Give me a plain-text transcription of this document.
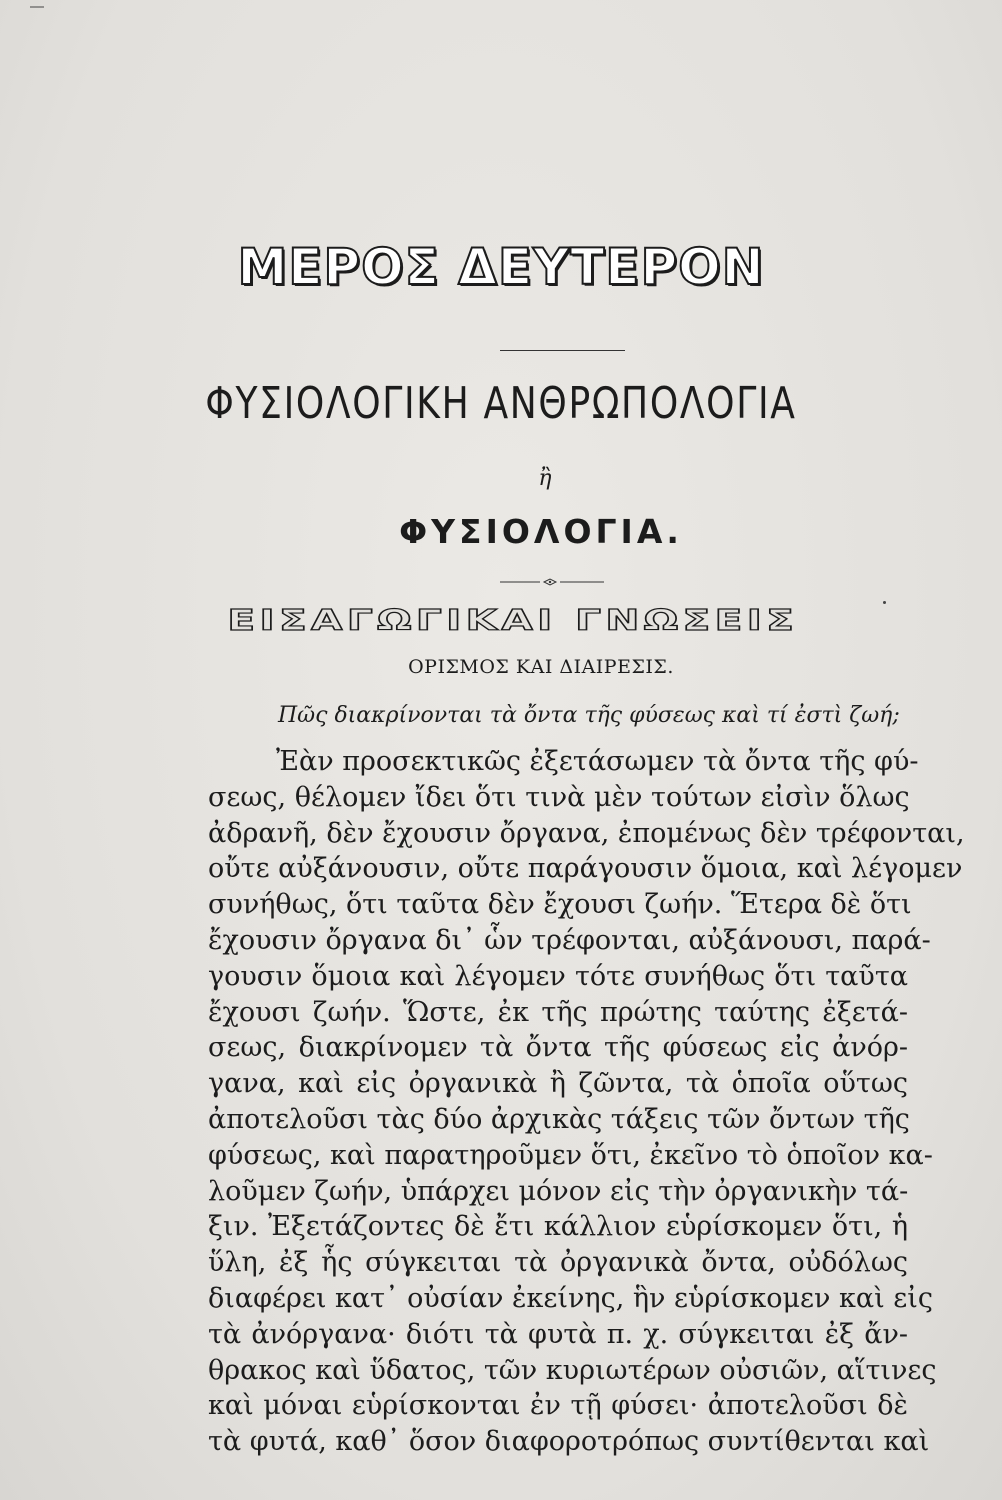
ΜΕΡΟΣ ΔΕΥΤΕΡΟΝ
ΦΥΣΙΟΛΟΓΙΚΗ ΑΝΘΡΩΠΟΛΟΓΙΑ
ἢ
ΦΥΣΙΟΛΟΓΙΑ.
ΕΙΣΑΓΩΓΙΚΑΙ ΓΝΩΣΕΙΣ
ΟΡΙΣΜΟΣ ΚΑΙ ΔΙΑΙΡΕΣΙΣ.
Πῶς διακρίνονται τὰ ὄντα τῆς φύσεως καὶ τί ἐστὶ ζωή;
Ἐὰν προσεκτικῶς ἐξετάσωμεν τὰ ὄντα τῆς φύ-
σεως, θέλομεν ἴδει ὅτι τινὰ μὲν τούτων εἰσὶν ὅλως
ἀδρανῆ, δὲν ἔχουσιν ὄργανα, ἐπομένως δὲν τρέφονται,
οὔτε αὐξάνουσιν, οὔτε παράγουσιν ὅμοια, καὶ λέγομεν
συνήθως, ὅτι ταῦτα δὲν ἔχουσι ζωήν. Ἕτερα δὲ ὅτι
ἔχουσιν ὄργανα δι᾿ ὧν τρέφονται, αὐξάνουσι, παρά-
γουσιν ὅμοια καὶ λέγομεν τότε συνήθως ὅτι ταῦτα
ἔχουσι ζωήν. Ὥστε, ἐκ τῆς πρώτης ταύτης ἐξετά-
σεως, διακρίνομεν τὰ ὄντα τῆς φύσεως εἰς ἀνόρ-
γανα, καὶ εἰς ὀργανικὰ ἢ ζῶντα, τὰ ὁποῖα οὕτως
ἀποτελοῦσι τὰς δύο ἀρχικὰς τάξεις τῶν ὄντων τῆς
φύσεως, καὶ παρατηροῦμεν ὅτι, ἐκεῖνο τὸ ὁποῖον κα-
λοῦμεν ζωήν, ὑπάρχει μόνον εἰς τὴν ὀργανικὴν τά-
ξιν. Ἐξετάζοντες δὲ ἔτι κάλλιον εὑρίσκομεν ὅτι, ἡ
ὕλη, ἐξ ἧς σύγκειται τὰ ὀργανικὰ ὄντα, οὐδόλως
διαφέρει κατ᾿ οὐσίαν ἐκείνης, ἣν εὑρίσκομεν καὶ εἰς
τὰ ἀνόργανα· διότι τὰ φυτὰ π. χ. σύγκειται ἐξ ἄν-
θρακος καὶ ὕδατος, τῶν κυριωτέρων οὐσιῶν, αἵτινες
καὶ μόναι εὑρίσκονται ἐν τῇ φύσει· ἀποτελοῦσι δὲ
τὰ φυτά, καθ᾿ ὅσον διαφοροτρόπως συντίθενται καὶ
